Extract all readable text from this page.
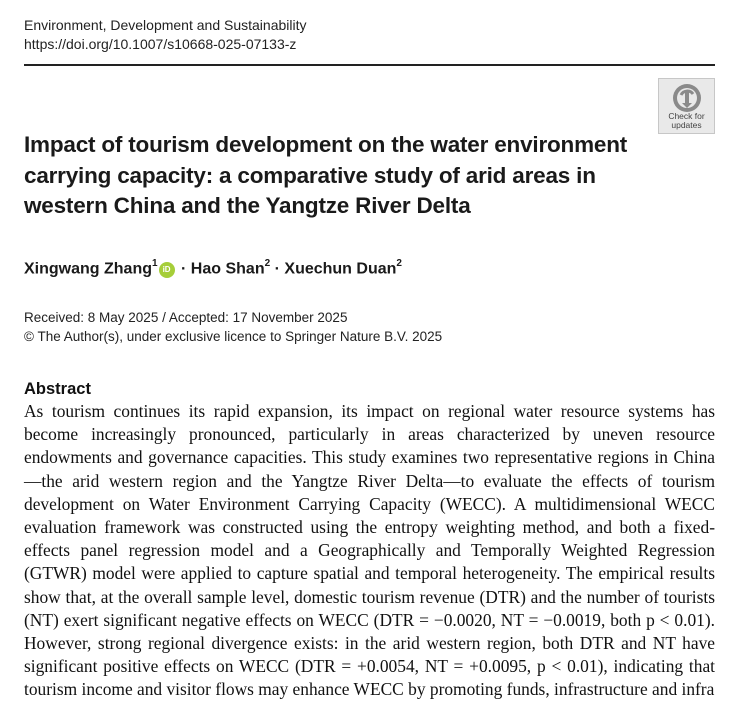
Environment, Development and Sustainability
https://doi.org/10.1007/s10668-025-07133-z
Check for
updates
Impact of tourism development on the water environment carrying capacity: a comparative study of arid areas in western China and the Yangtze River Delta
Xingwang Zhang$^1$iD · Hao Shan$^2$ · Xuechun Duan$^2$
Received: 8 May 2025 / Accepted: 17 November 2025
© The Author(s), under exclusive licence to Springer Nature B.V. 2025
Abstract

As tourism continues its rapid expansion, its impact on regional water resource systems has become increasingly pronounced, particularly in areas characterized by uneven resource endowments and governance capacities. This study examines two representative regions in China—the arid western region and the Yangtze River Delta—to evaluate the effects of tourism development on Water Environment Carrying Capacity (WECC). A multidimensional WECC evaluation framework was constructed using the entropy weighting method, and both a fixed-effects panel regression model and a Geographically and Temporally Weighted Regression (GTWR) model were applied to capture spatial and temporal heterogeneity. The empirical results show that, at the overall sample level, domestic tourism revenue (DTR) and the number of tourists (NT) exert significant negative effects on WECC (DTR = −0.0020, NT = −0.0019, both p < 0.01). However, strong regional divergence exists: in the arid western region, both DTR and NT have significant positive effects on WECC (DTR = +0.0054, NT = +0.0095, p < 0.01), indicating that tourism income and visitor flows may enhance WECC by promoting funds, infrastructure and infra
